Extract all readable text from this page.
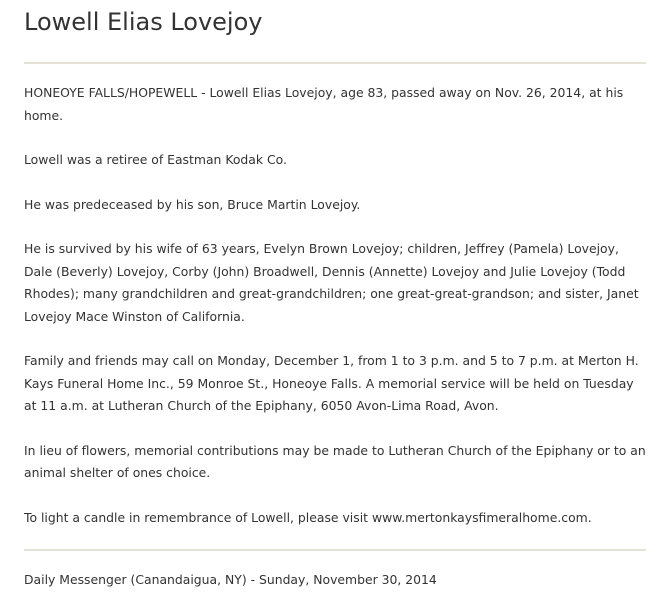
Lowell Elias Lovejoy

HONEOYE FALLS/HOPEWELL - Lowell Elias Lovejoy, age 83, passed away on Nov. 26, 2014, at his home.

Lowell was a retiree of Eastman Kodak Co.

He was predeceased by his son, Bruce Martin Lovejoy.

He is survived by his wife of 63 years, Evelyn Brown Lovejoy; children, Jeffrey (Pamela) Lovejoy, Dale (Beverly) Lovejoy, Corby (John) Broadwell, Dennis (Annette) Lovejoy and Julie Lovejoy (Todd Rhodes); many grandchildren and great-grandchildren; one great-great-grandson; and sister, Janet Lovejoy Mace Winston of California.

Family and friends may call on Monday, December 1, from 1 to 3 p.m. and 5 to 7 p.m. at Merton H. Kays Funeral Home Inc., 59 Monroe St., Honeoye Falls. A memorial service will be held on Tuesday at 11 a.m. at Lutheran Church of the Epiphany, 6050 Avon-Lima Road, Avon.

In lieu of flowers, memorial contributions may be made to Lutheran Church of the Epiphany or to an animal shelter of ones choice.

To light a candle in remembrance of Lowell, please visit www.mertonkaysfimeralhome.com.

Daily Messenger (Canandaigua, NY) - Sunday, November 30, 2014
